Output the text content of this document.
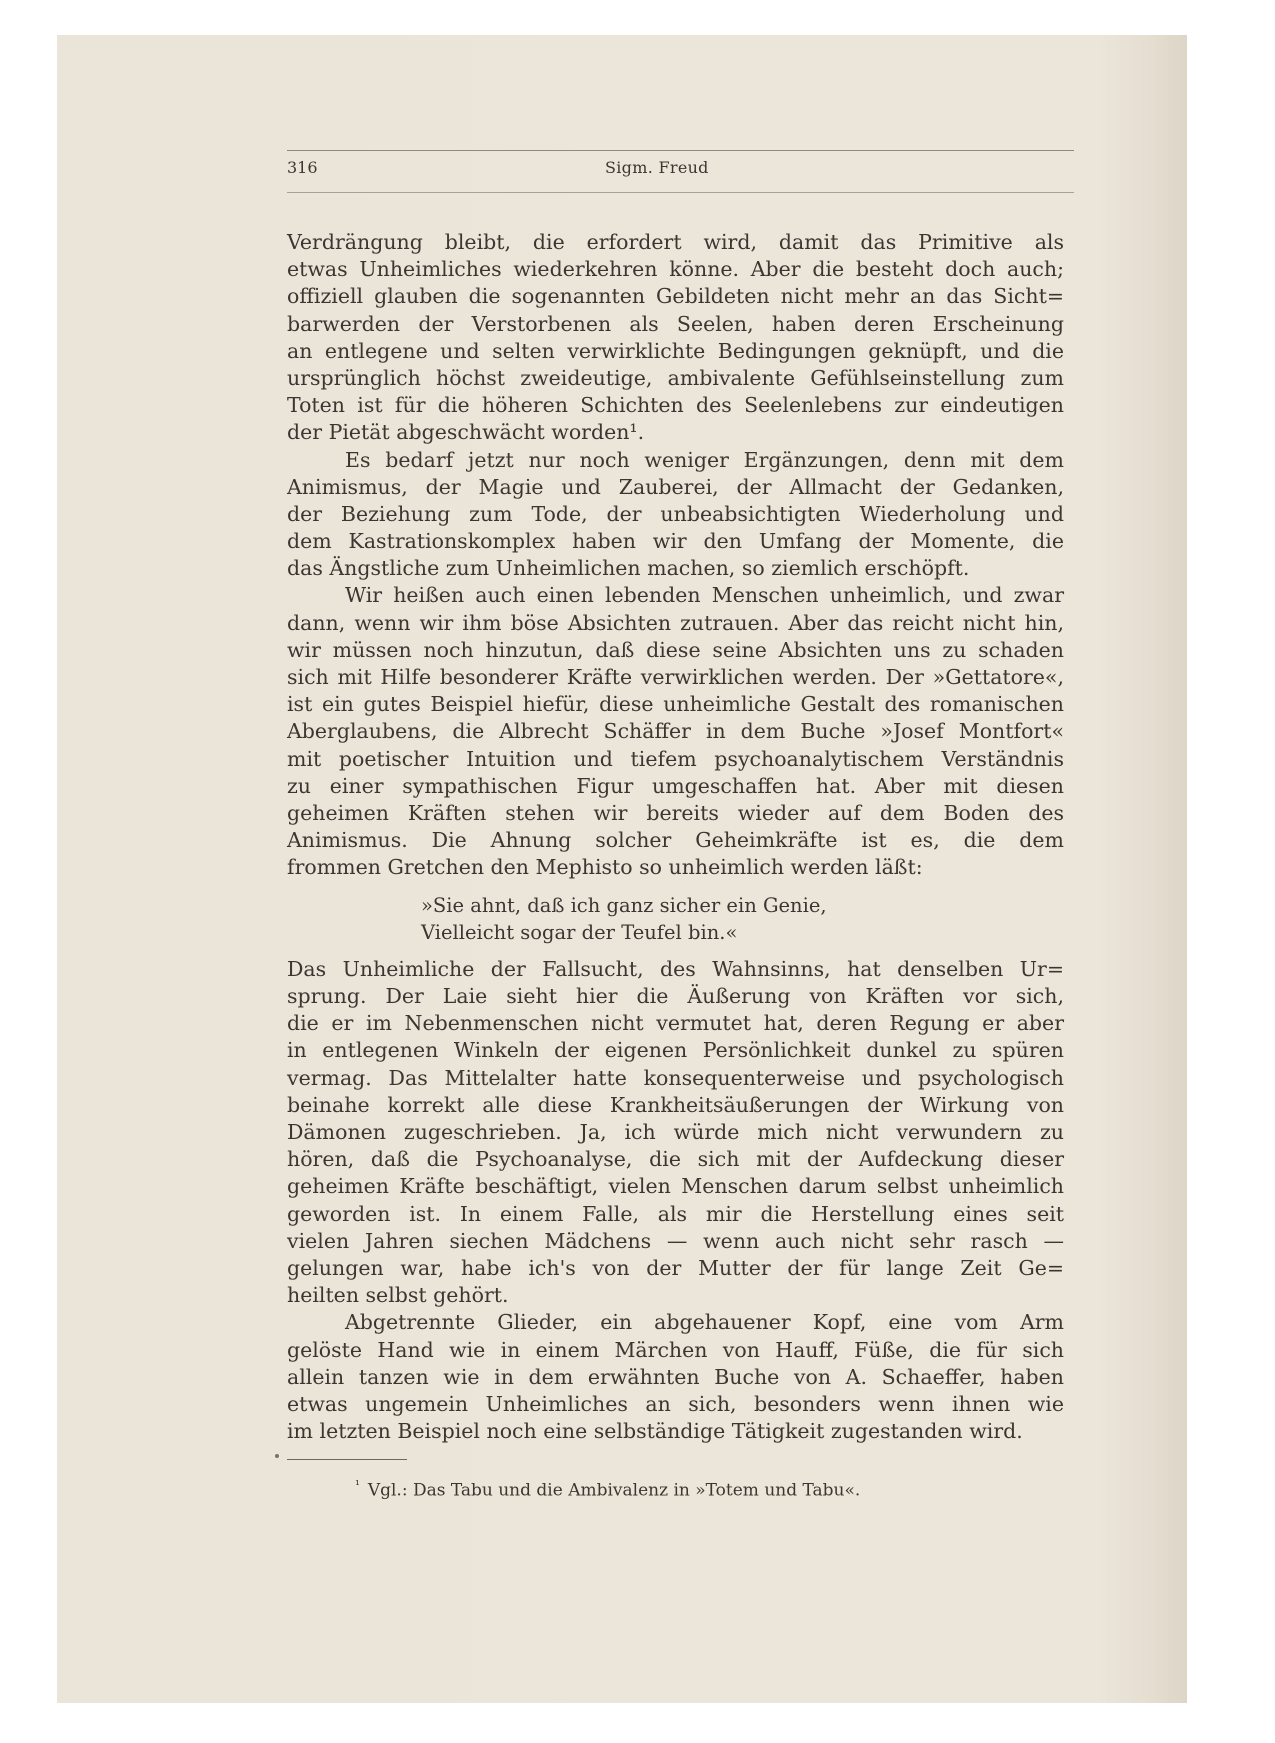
316	Sigm. Freud
Verdrängung bleibt, die erfordert wird, damit das Primitive als
etwas Unheimliches wiederkehren könne. Aber die besteht doch auch;
offiziell glauben die sogenannten Gebildeten nicht mehr an das Sicht=
barwerden der Verstorbenen als Seelen, haben deren Erscheinung
an entlegene und selten verwirklichte Bedingungen geknüpft, und die
ursprünglich höchst zweideutige, ambivalente Gefühlseinstellung zum
Toten ist für die höheren Schichten des Seelenlebens zur eindeutigen
der Pietät abgeschwächt worden¹.
Es bedarf jetzt nur noch weniger Ergänzungen, denn mit dem
Animismus, der Magie und Zauberei, der Allmacht der Gedanken,
der Beziehung zum Tode, der unbeabsichtigten Wiederholung und
dem Kastrationskomplex haben wir den Umfang der Momente, die
das Ängstliche zum Unheimlichen machen, so ziemlich erschöpft.
Wir heißen auch einen lebenden Menschen unheimlich, und zwar
dann, wenn wir ihm böse Absichten zutrauen. Aber das reicht nicht hin,
wir müssen noch hinzutun, daß diese seine Absichten uns zu schaden
sich mit Hilfe besonderer Kräfte verwirklichen werden. Der »Gettatore«,
ist ein gutes Beispiel hiefür, diese unheimliche Gestalt des romanischen
Aberglaubens, die Albrecht Schäffer in dem Buche »Josef Montfort«
mit poetischer Intuition und tiefem psychoanalytischem Verständnis
zu einer sympathischen Figur umgeschaffen hat. Aber mit diesen
geheimen Kräften stehen wir bereits wieder auf dem Boden des
Animismus. Die Ahnung solcher Geheimkräfte ist es, die dem
frommen Gretchen den Mephisto so unheimlich werden läßt:
»Sie ahnt, daß ich ganz sicher ein Genie,
Vielleicht sogar der Teufel bin.«
Das Unheimliche der Fallsucht, des Wahnsinns, hat denselben Ur=
sprung. Der Laie sieht hier die Äußerung von Kräften vor sich,
die er im Nebenmenschen nicht vermutet hat, deren Regung er aber
in entlegenen Winkeln der eigenen Persönlichkeit dunkel zu spüren
vermag. Das Mittelalter hatte konsequenterweise und psychologisch
beinahe korrekt alle diese Krankheitsäußerungen der Wirkung von
Dämonen zugeschrieben. Ja, ich würde mich nicht verwundern zu
hören, daß die Psychoanalyse, die sich mit der Aufdeckung dieser
geheimen Kräfte beschäftigt, vielen Menschen darum selbst unheimlich
geworden ist. In einem Falle, als mir die Herstellung eines seit
vielen Jahren siechen Mädchens — wenn auch nicht sehr rasch —
gelungen war, habe ich's von der Mutter der für lange Zeit Ge=
heilten selbst gehört.
Abgetrennte Glieder, ein abgehauener Kopf, eine vom Arm
gelöste Hand wie in einem Märchen von Hauff, Füße, die für sich
allein tanzen wie in dem erwähnten Buche von A. Schaeffer, haben
etwas ungemein Unheimliches an sich, besonders wenn ihnen wie
im letzten Beispiel noch eine selbständige Tätigkeit zugestanden wird.
$^{^1}$ Vgl.: Das Tabu und die Ambivalenz in »Totem und Tabu«.
